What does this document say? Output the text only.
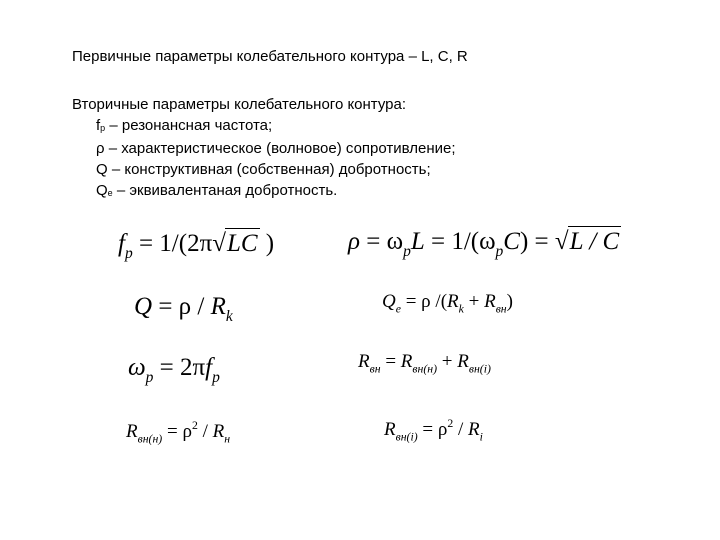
Первичные параметры колебательного контура – L, C, R
Вторичные параметры колебательного контура:
fp – резонансная частота;
ρ – характеристическое (волновое) сопротивление;
Q – конструктивная (собственная) добротность;
Qe – эквивалентаная добротность.
$f_p = 1/(2\pi√LC$ )	$\rho = \omega_pL = 1/(\omega_pC) = √L / C$
$Q = \rho / R_k$
$Q_e = \rho$ $/(R_k + R_{вн})$
$\omega_p = 2\pi f_p$
$R_{вн} = R_{вн(н)} + R_{вн(i)}$
$R_{вн(н)} = \rho^2 / R_н$	$R_{вн(i)} = \rho^2 / R_i$
